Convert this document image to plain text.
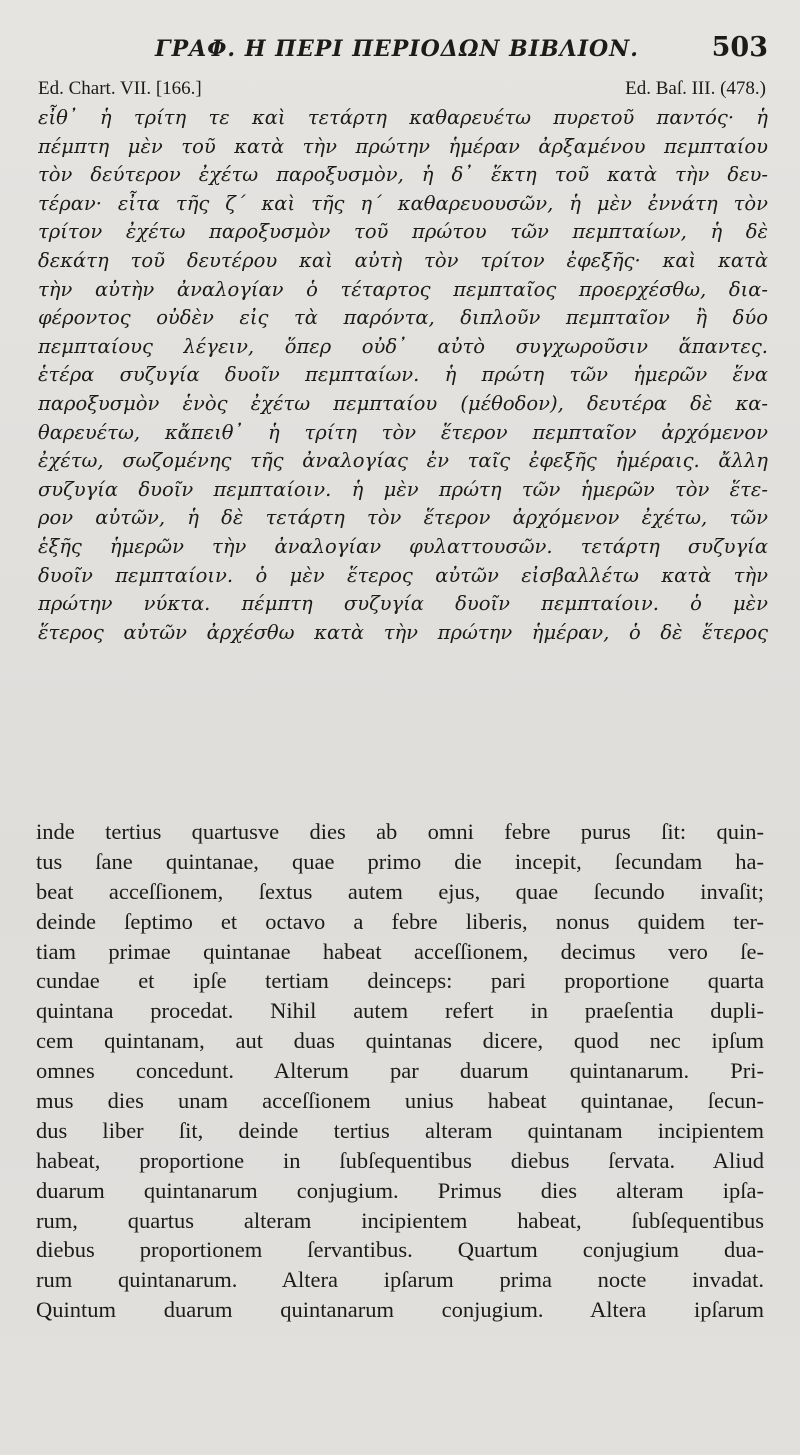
ΓΡΑΦ. Η ΠΕΡΙ ΠΕΡΙΟΔΩΝ ΒΙΒΛΙΟΝ.	503
Ed. Chart. VII. [166.]	Ed. Baſ. III. (478.)
εἶθ᾽ ἡ τρίτη τε καὶ τετάρτη καθαρευέτω πυρετοῦ παντός· ἡ
πέμπτη μὲν τοῦ κατὰ τὴν πρώτην ἡμέραν ἀρξαμένου πεμπταίου
τὸν δεύτερον ἐχέτω παροξυσμὸν, ἡ δ᾽ ἕκτη τοῦ κατὰ τὴν δευ-
τέραν· εἶτα τῆς ζ´ καὶ τῆς η´ καθαρευουσῶν, ἡ μὲν ἐννάτη τὸν
τρίτον ἐχέτω παροξυσμὸν τοῦ πρώτου τῶν πεμπταίων, ἡ δὲ
δεκάτη τοῦ δευτέρου καὶ αὐτὴ τὸν τρίτον ἐφεξῆς· καὶ κατὰ
τὴν αὐτὴν ἀναλογίαν ὁ τέταρτος πεμπταῖος προερχέσθω, δια-
φέροντος οὐδὲν εἰς τὰ παρόντα, διπλοῦν πεμπταῖον ἢ δύο
πεμπταίους λέγειν, ὅπερ οὐδ᾽ αὐτὸ συγχωροῦσιν ἅπαντες.
ἑτέρα συζυγία δυοῖν πεμπταίων. ἡ πρώτη τῶν ἡμερῶν ἕνα
παροξυσμὸν ἑνὸς ἐχέτω πεμπταίου (μέθοδον), δευτέρα δὲ κα-
θαρευέτω, κἄπειθ᾽ ἡ τρίτη τὸν ἕτερον πεμπταῖον ἀρχόμενον
ἐχέτω, σωζομένης τῆς ἀναλογίας ἐν ταῖς ἐφεξῆς ἡμέραις. ἄλλη
συζυγία δυοῖν πεμπταίοιν. ἡ μὲν πρώτη τῶν ἡμερῶν τὸν ἕτε-
ρον αὐτῶν, ἡ δὲ τετάρτη τὸν ἕτερον ἀρχόμενον ἐχέτω, τῶν
ἑξῆς ἡμερῶν τὴν ἀναλογίαν φυλαττουσῶν. τετάρτη συζυγία
δυοῖν πεμπταίοιν. ὁ μὲν ἕτερος αὐτῶν εἰσβαλλέτω κατὰ τὴν
πρώτην νύκτα. πέμπτη συζυγία δυοῖν πεμπταίοιν. ὁ μὲν
ἕτερος αὐτῶν ἀρχέσθω κατὰ τὴν πρώτην ἡμέραν, ὁ δὲ ἕτερος
inde tertius quartusve dies ab omni febre purus ſit: quin-
tus ſane quintanae, quae primo die incepit, ſecundam ha-
beat acceſſionem, ſextus autem ejus, quae ſecundo invaſit;
deinde ſeptimo et octavo a febre liberis, nonus quidem ter-
tiam primae quintanae habeat acceſſionem, decimus vero ſe-
cundae et ipſe tertiam deinceps: pari proportione quarta
quintana procedat. Nihil autem refert in praeſentia dupli-
cem quintanam, aut duas quintanas dicere, quod nec ipſum
omnes concedunt. Alterum par duarum quintanarum. Pri-
mus dies unam acceſſionem unius habeat quintanae, ſecun-
dus liber ſit, deinde tertius alteram quintanam incipientem
habeat, proportione in ſubſequentibus diebus ſervata. Aliud
duarum quintanarum conjugium. Primus dies alteram ipſa-
rum, quartus alteram incipientem habeat, ſubſequentibus
diebus proportionem ſervantibus. Quartum conjugium dua-
rum quintanarum. Altera ipſarum prima nocte invadat.
Quintum duarum quintanarum conjugium. Altera ipſarum
